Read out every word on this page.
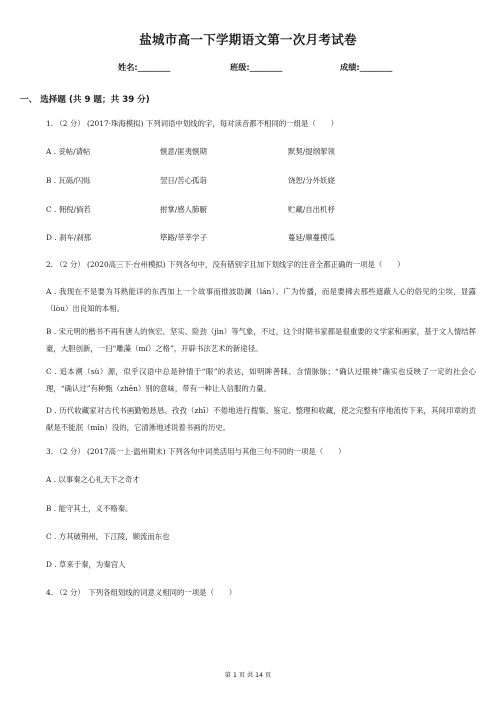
盐城市高一下学期语文第一次月考试卷
姓名:________	班级:________	成绩:________
一、 选择题 (共 9 题；共 39 分)
1. （2 分） (2017·珠海模拟) 下列词语中划线的字，每对读音都不相同的一组是（　　）
A . 妥帖/请帖	惬意/匪夷惬期	默契/提纲挈领
B . 瓦砾/闪烁	翌日/苦心孤诣	饶恕/分外妖娆
C . 佣倪/倘若	拊掌/感人肺腑	贮藏/自出机杼
D . 刹车/刹那	筚路/莘莘学子	蔓延/顺蔓摸瓜
2. （2 分） (2020高三下·台州模拟) 下列各句中，没有错别字且加下划线字的注音全都正确的一项是（　　）
A . 我现在不是要为耳熟能详的东西加上一个故事而推波助澜（lán）、广为传播，而是要拂去那些遮蔽人心的俗见的尘埃，显露（lòu）出良知的本相。
B . 宋元明的楷书不再有唐人的恢宏、坚实、险劲（jìn）等气象，不过，这个时期书家都是很重要的文学家和画家，基于文人情结挥豪，大胆创新，一扫“雕藻（mí）之格”，开辟书法艺术的新途径。
C . 追本溯（sù）源，似乎汉语中总是钟情于“眼”的表达，如明眸善睐、含情脉脉；“确认过眼神”确实也反映了一定的社会心理，“确认过”有种甄（zhēn）别的意味，带有一种让人信服的力量。
D . 历代收藏家对古代书画勤勉恳恳、孜孜（zhī）不倦地进行搜集、鉴定、整理和收藏，使之完整有序地流传下来，其间印章的贡献是不能泯（mǐn）没的，它清淅地述说着书画的历史。
3. （2 分） (2017高一上·温州期末) 下列各句中词类活用与其他三句不同的一项是（　　）
A . 以事秦之心礼天下之奇才
B . 能守其土，义不赂秦。
C . 方其破荆州，下江陵，顺流而东也
D . 草来于秦，为秦宫人
4. （2 分）　下列各组划线的词意义相同的一项是（　　）
第 1 页 共 14 页
